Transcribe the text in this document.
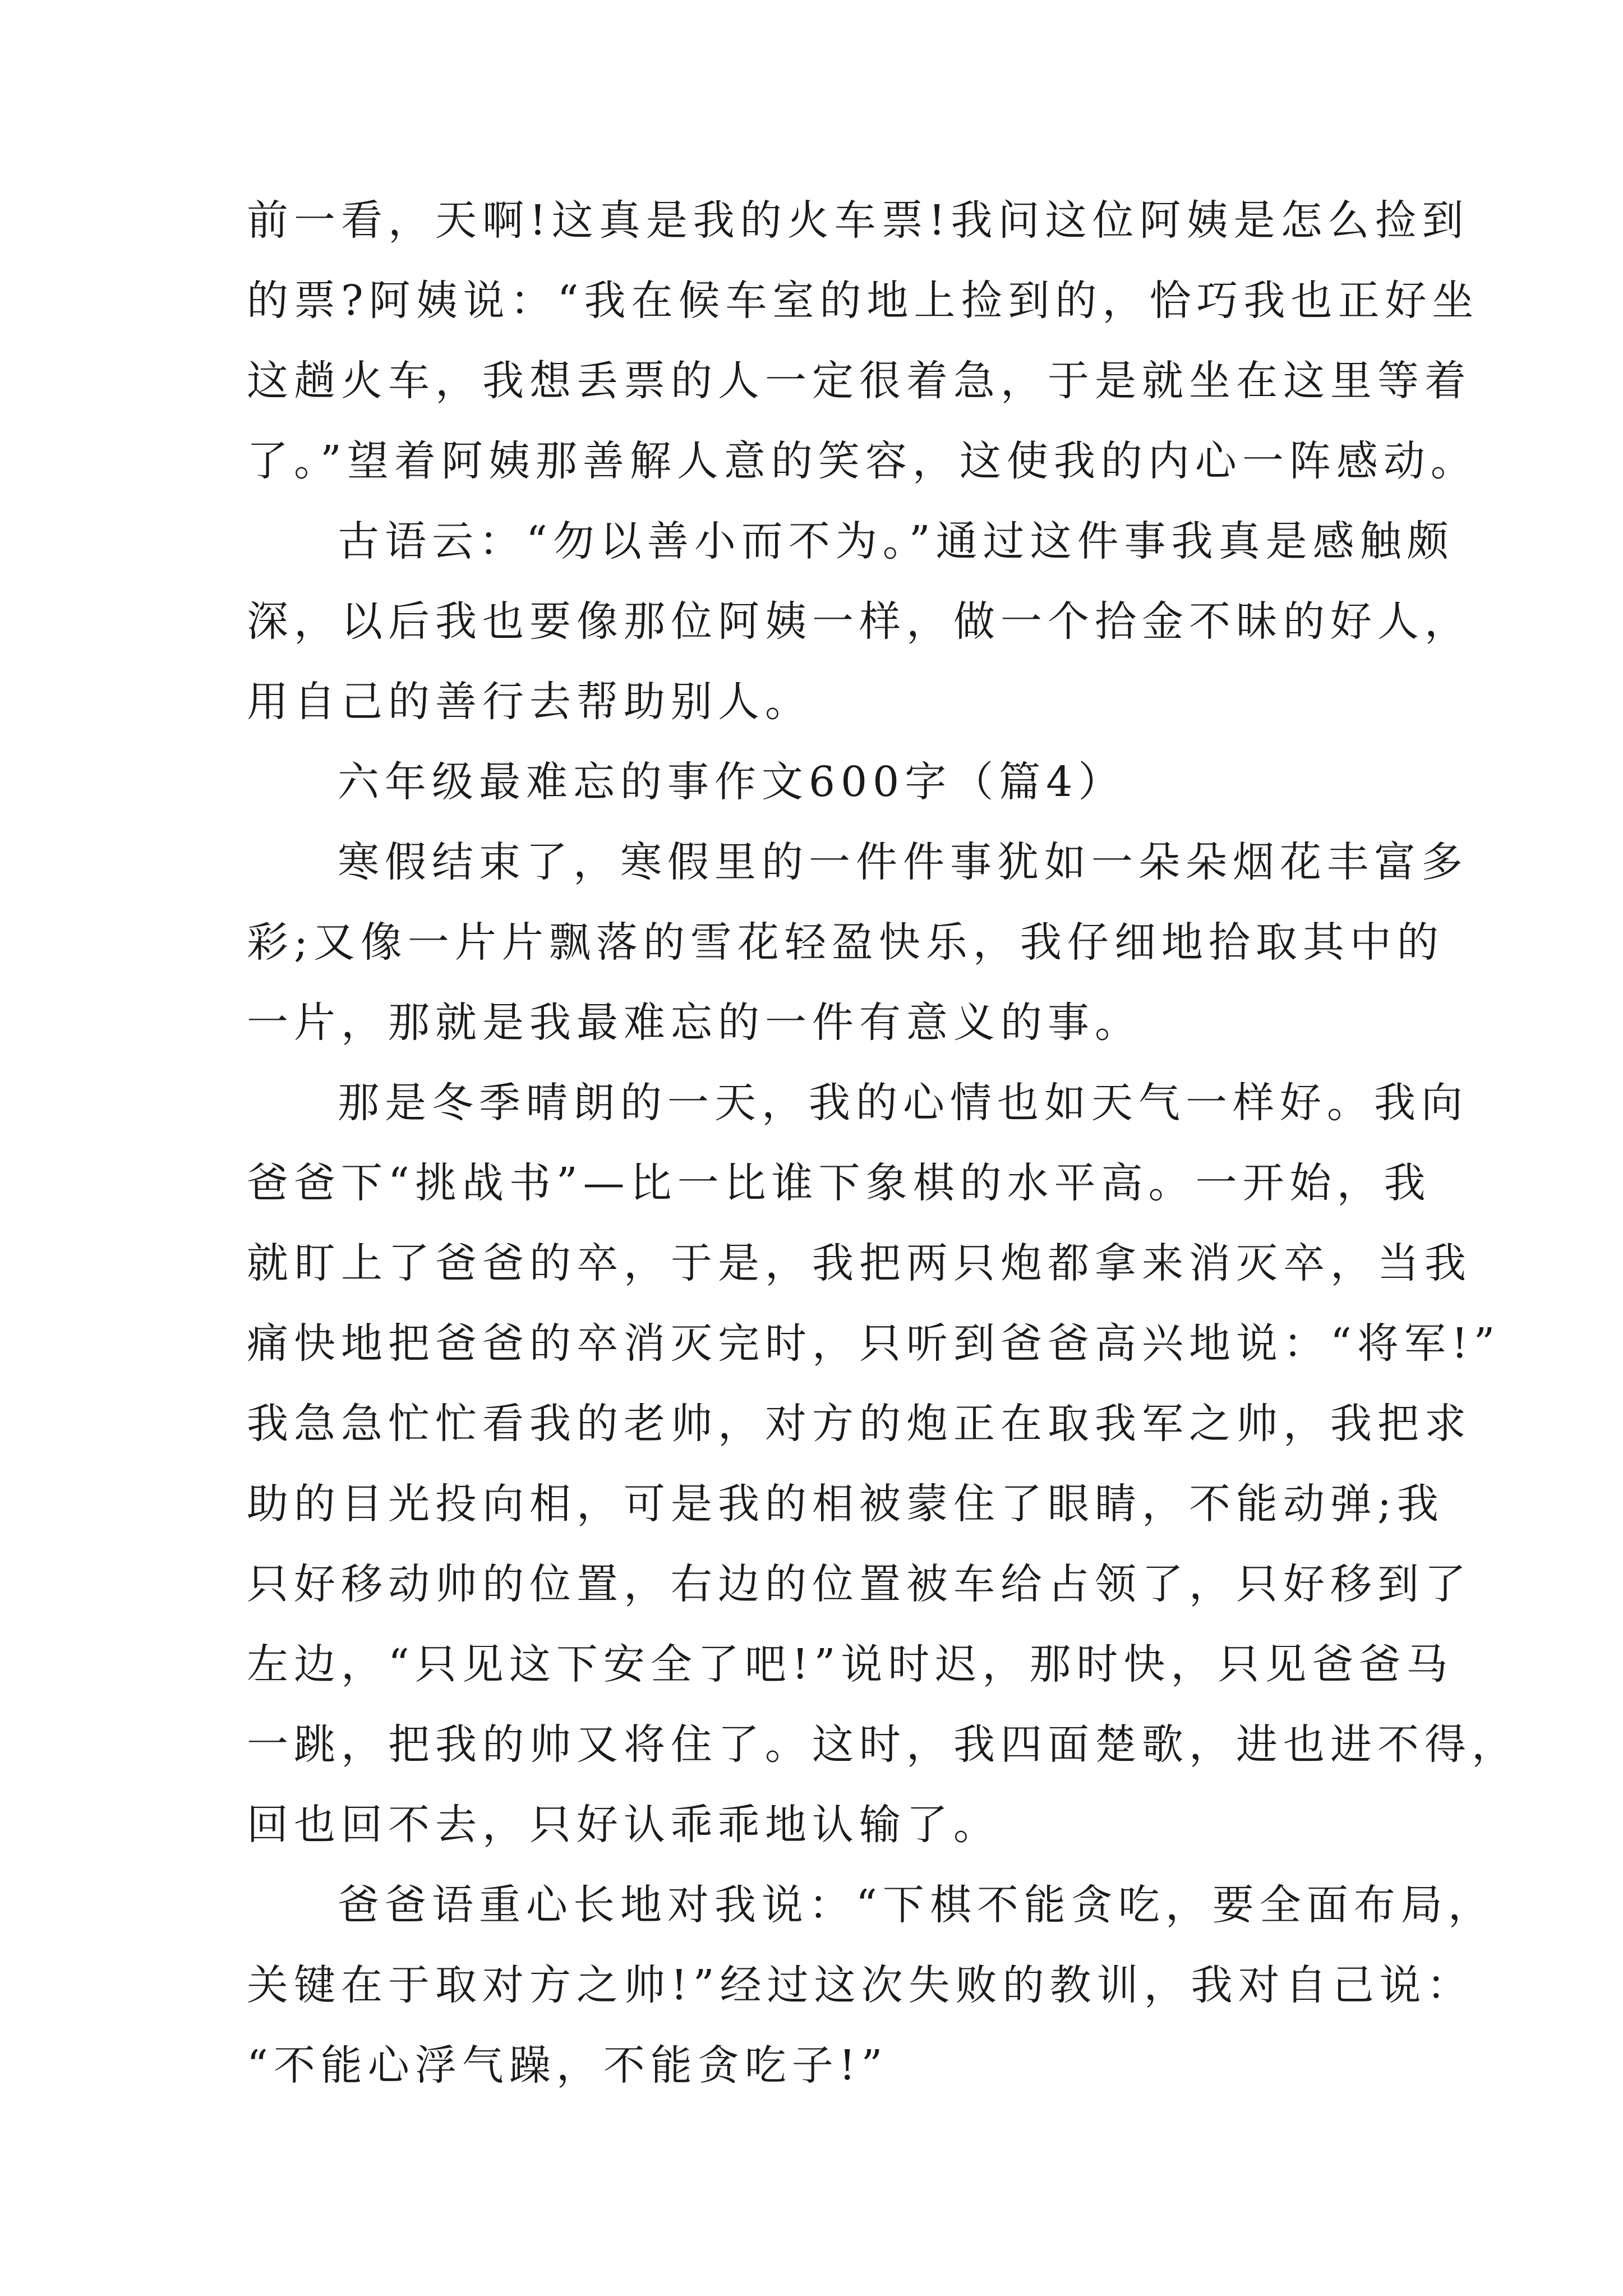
前一看，天啊!这真是我的火车票!我问这位阿姨是怎么捡到
的票?阿姨说：“我在候车室的地上捡到的，恰巧我也正好坐
这趟火车，我想丢票的人一定很着急，于是就坐在这里等着
了。”望着阿姨那善解人意的笑容，这使我的内心一阵感动。
古语云：“勿以善小而不为。”通过这件事我真是感触颇
深，以后我也要像那位阿姨一样，做一个拾金不昧的好人，
用自己的善行去帮助别人。
六年级最难忘的事作文600字（篇4）
寒假结束了，寒假里的一件件事犹如一朵朵烟花丰富多
彩;又像一片片飘落的雪花轻盈快乐，我仔细地拾取其中的
一片，那就是我最难忘的一件有意义的事。
那是冬季晴朗的一天，我的心情也如天气一样好。我向
爸爸下“挑战书”—比一比谁下象棋的水平高。一开始，我
就盯上了爸爸的卒，于是，我把两只炮都拿来消灭卒，当我
痛快地把爸爸的卒消灭完时，只听到爸爸高兴地说：“将军!”
我急急忙忙看我的老帅，对方的炮正在取我军之帅，我把求
助的目光投向相，可是我的相被蒙住了眼睛，不能动弹;我
只好移动帅的位置，右边的位置被车给占领了，只好移到了
左边，“只见这下安全了吧!”说时迟，那时快，只见爸爸马
一跳，把我的帅又将住了。这时，我四面楚歌，进也进不得，
回也回不去，只好认乖乖地认输了。
爸爸语重心长地对我说：“下棋不能贪吃，要全面布局，
关键在于取对方之帅!”经过这次失败的教训，我对自己说：
“不能心浮气躁，不能贪吃子!”
